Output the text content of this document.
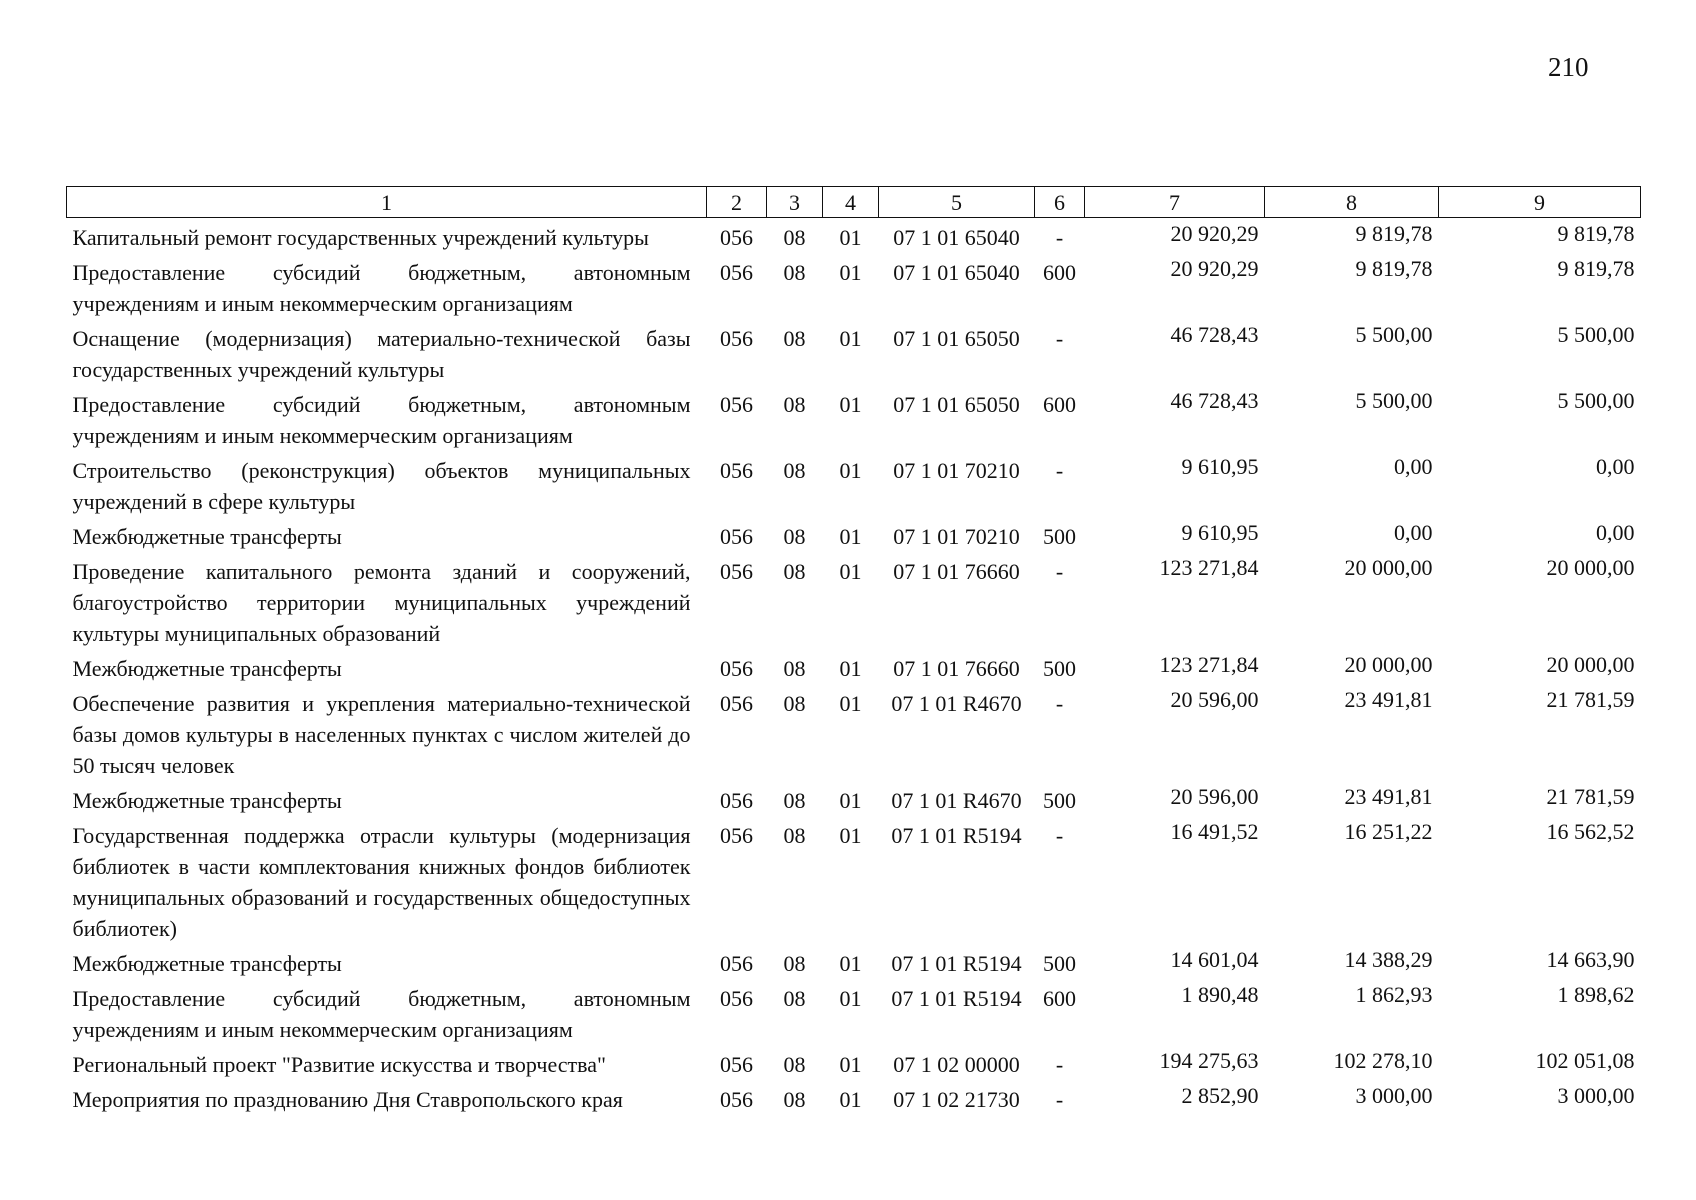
210
1	2	3	4	5	6	7	8	9
Капитальный ремонт государственных учреждений культуры	056	08	01	07 1 01 65040	-	20 920,29	9 819,78	9 819,78
Предоставление субсидий бюджетным, автономным учреждениям и иным некоммерческим организациям	056	08	01	07 1 01 65040	600	20 920,29	9 819,78	9 819,78
Оснащение (модернизация) материально-технической базы государственных учреждений культуры	056	08	01	07 1 01 65050	-	46 728,43	5 500,00	5 500,00
Предоставление субсидий бюджетным, автономным учреждениям и иным некоммерческим организациям	056	08	01	07 1 01 65050	600	46 728,43	5 500,00	5 500,00
Строительство (реконструкция) объектов муниципальных учреждений в сфере культуры	056	08	01	07 1 01 70210	-	9 610,95	0,00	0,00
Межбюджетные трансферты	056	08	01	07 1 01 70210	500	9 610,95	0,00	0,00
Проведение капитального ремонта зданий и сооружений, благоустройство территории муниципальных учреждений культуры муниципальных образований	056	08	01	07 1 01 76660	-	123 271,84	20 000,00	20 000,00
Межбюджетные трансферты	056	08	01	07 1 01 76660	500	123 271,84	20 000,00	20 000,00
Обеспечение развития и укрепления материально-технической базы домов культуры в населенных пунктах с числом жителей до 50 тысяч человек	056	08	01	07 1 01 R4670	-	20 596,00	23 491,81	21 781,59
Межбюджетные трансферты	056	08	01	07 1 01 R4670	500	20 596,00	23 491,81	21 781,59
Государственная поддержка отрасли культуры (модернизация библиотек в части комплектования книжных фондов библиотек муниципальных образований и государственных общедоступных библиотек)	056	08	01	07 1 01 R5194	-	16 491,52	16 251,22	16 562,52
Межбюджетные трансферты	056	08	01	07 1 01 R5194	500	14 601,04	14 388,29	14 663,90
Предоставление субсидий бюджетным, автономным учреждениям и иным некоммерческим организациям	056	08	01	07 1 01 R5194	600	1 890,48	1 862,93	1 898,62
Региональный проект "Развитие искусства и творчества"	056	08	01	07 1 02 00000	-	194 275,63	102 278,10	102 051,08
Мероприятия по празднованию Дня Ставропольского края	056	08	01	07 1 02 21730	-	2 852,90	3 000,00	3 000,00
